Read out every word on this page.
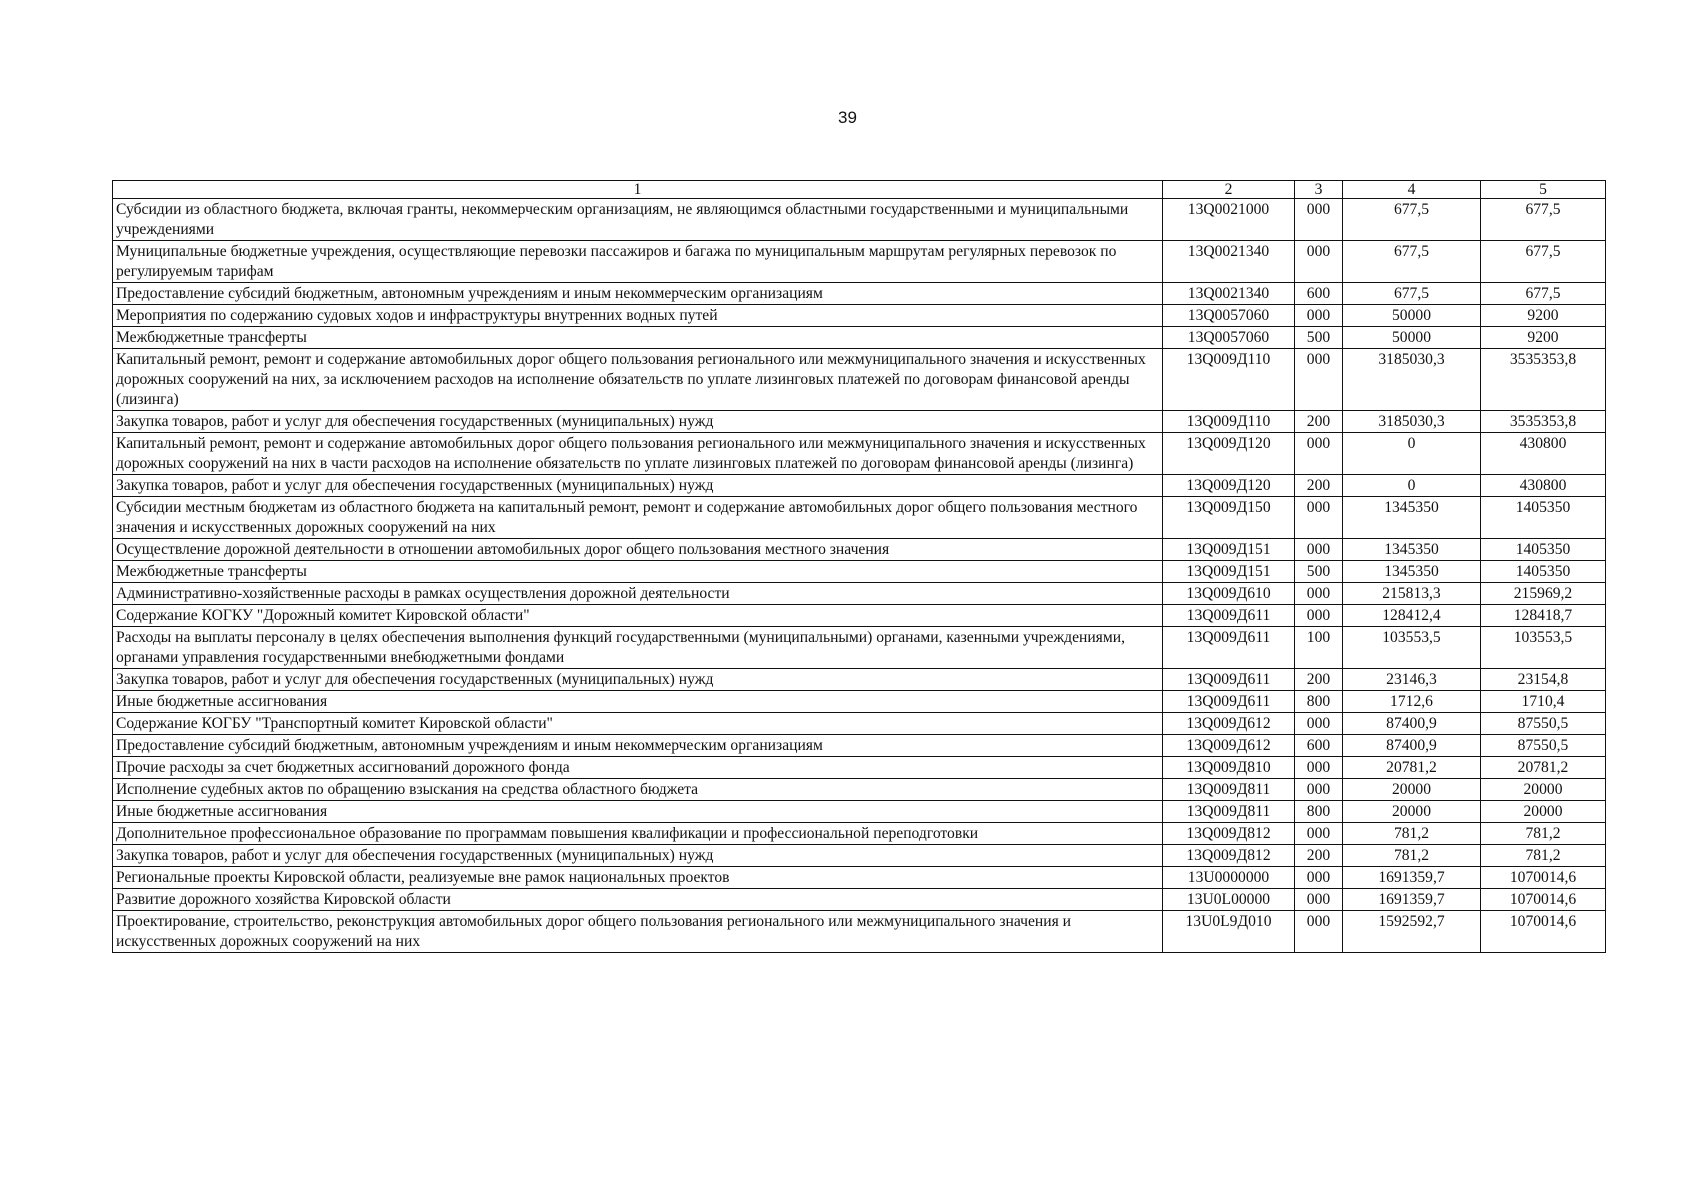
39
1	2	3	4	5
Субсидии из областного бюджета, включая гранты, некоммерческим организациям, не являющимся областными государственными и муниципальными учреждениями	13Q0021000	000	677,5	677,5
Муниципальные бюджетные учреждения, осуществляющие перевозки пассажиров и багажа по муниципальным маршрутам регулярных перевозок по регулируемым тарифам	13Q0021340	000	677,5	677,5
Предоставление субсидий бюджетным, автономным учреждениям и иным некоммерческим организациям	13Q0021340	600	677,5	677,5
Мероприятия по содержанию судовых ходов и инфраструктуры внутренних водных путей	13Q0057060	000	50000	9200
Межбюджетные трансферты	13Q0057060	500	50000	9200
Капитальный ремонт, ремонт и содержание автомобильных дорог общего пользования регионального или межмуниципального значения и искусственных дорожных сооружений на них, за исключением расходов на исполнение обязательств по уплате лизинговых платежей по договорам финансовой аренды (лизинга)	13Q009Д110	000	3185030,3	3535353,8
Закупка товаров, работ и услуг для обеспечения государственных (муниципальных) нужд	13Q009Д110	200	3185030,3	3535353,8
Капитальный ремонт, ремонт и содержание автомобильных дорог общего пользования регионального или межмуниципального значения и искусственных дорожных сооружений на них в части расходов на исполнение обязательств по уплате лизинговых платежей по договорам финансовой аренды (лизинга)	13Q009Д120	000	0	430800
Закупка товаров, работ и услуг для обеспечения государственных (муниципальных) нужд	13Q009Д120	200	0	430800
Субсидии местным бюджетам из областного бюджета на капитальный ремонт, ремонт и содержание автомобильных дорог общего пользования местного значения и искусственных дорожных сооружений на них	13Q009Д150	000	1345350	1405350
Осуществление дорожной деятельности в отношении автомобильных дорог общего пользования местного значения	13Q009Д151	000	1345350	1405350
Межбюджетные трансферты	13Q009Д151	500	1345350	1405350
Административно-хозяйственные расходы в рамках осуществления дорожной деятельности	13Q009Д610	000	215813,3	215969,2
Содержание КОГКУ "Дорожный комитет Кировской области"	13Q009Д611	000	128412,4	128418,7
Расходы на выплаты персоналу в целях обеспечения выполнения функций государственными (муниципальными) органами, казенными учреждениями, органами управления государственными внебюджетными фондами	13Q009Д611	100	103553,5	103553,5
Закупка товаров, работ и услуг для обеспечения государственных (муниципальных) нужд	13Q009Д611	200	23146,3	23154,8
Иные бюджетные ассигнования	13Q009Д611	800	1712,6	1710,4
Содержание КОГБУ "Транспортный комитет Кировской области"	13Q009Д612	000	87400,9	87550,5
Предоставление субсидий бюджетным, автономным учреждениям и иным некоммерческим организациям	13Q009Д612	600	87400,9	87550,5
Прочие расходы за счет бюджетных ассигнований дорожного фонда	13Q009Д810	000	20781,2	20781,2
Исполнение судебных актов по обращению взыскания на средства областного бюджета	13Q009Д811	000	20000	20000
Иные бюджетные ассигнования	13Q009Д811	800	20000	20000
Дополнительное профессиональное образование по программам повышения квалификации и профессиональной переподготовки	13Q009Д812	000	781,2	781,2
Закупка товаров, работ и услуг для обеспечения государственных (муниципальных) нужд	13Q009Д812	200	781,2	781,2
Региональные проекты Кировской области, реализуемые вне рамок национальных проектов	13U0000000	000	1691359,7	1070014,6
Развитие дорожного хозяйства Кировской области	13U0L00000	000	1691359,7	1070014,6
Проектирование, строительство, реконструкция автомобильных дорог общего пользования регионального или межмуниципального значения и искусственных дорожных сооружений на них	13U0L9Д010	000	1592592,7	1070014,6
